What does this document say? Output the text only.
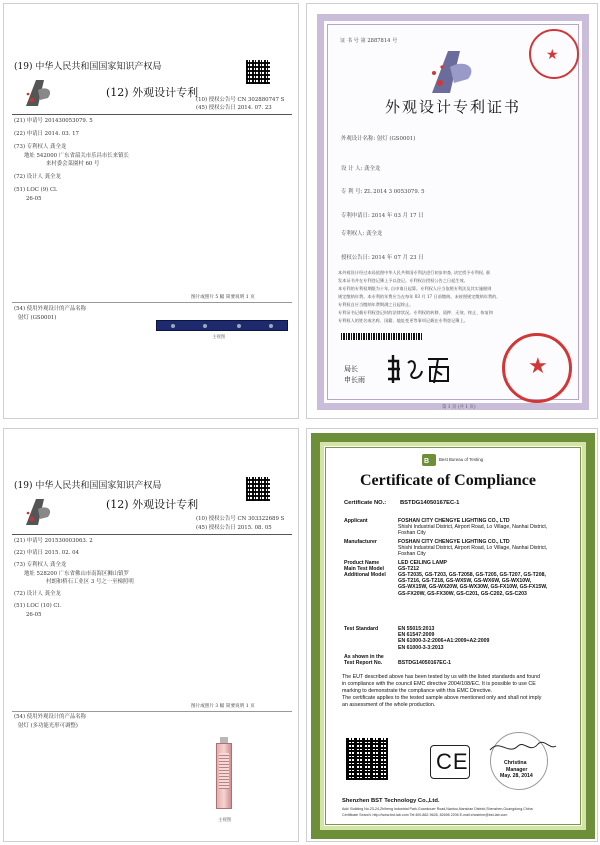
(19) 中华人民共和国国家知识产权局
(12) 外观设计专利
(10) 授权公告号 CN 302880747 S
(45) 授权公告日 2014. 07. 23
(21) 申请号 201430053079. 5
(22) 申请日 2014. 03. 17
(73) 专利权人 龚全龙
地址 542000 广东省韶关市乐昌市长来镇长
来村委会菜園村 60 号
(72) 设计人 龚全龙
(51) LOC (9) Cl.
26-05
图片或照片 5 幅 简要说明 1 页
(54) 使用外观设计的产品名称
射灯 (GS0001)
主视图
证 书 号 第 2887814 号
★
外观设计专利证书
外观设计名称: 射灯 (GS0001)
设 计 人: 龚全龙
专 利 号: ZL 2014 3 0053079. 5
专利申请日: 2014 年 03 月 17 日
专利权人: 龚全龙
授权公告日: 2014 年 07 月 23 日
本外观设计经过本局依照中华人民共和国专利法进行初步审查, 决定授予专利权, 颁
发本证书并在专利登记簿上予以登记。专利权自授权公告之日起生效。
本专利的专利权期限为十年, 自申请日起算。专利权人应当依照专利法及其实施细则
规定缴纳年费。本专利的年费应当在每年 03 月 17 日前缴纳。未按照规定缴纳年费的,
专利权自应当缴纳年费期满之日起终止。
专利证书记载专利权登记时的法律状况。专利权的转移、质押、无效、终止、恢复和
专利权人的姓名或名称、国籍、地址变更等事项记载在专利登记簿上。
局长
申长雨
★
第 1 页 (共 1 页)
(19) 中华人民共和国国家知识产权局
(12) 外观设计专利
(10) 授权公告号 CN 303322689 S
(45) 授权公告日 2015. 08. 05
(21) 申请号 201530003063. 2
(22) 申请日 2015. 02. 04
(73) 专利权人 龚全龙
地址 528200 广东省佛山市南海区狮山镇罗
村朗和桥石工业区 3 号之一至梯照明
(72) 设计人 龚全龙
(51) LOC (10) Cl.
26-05
图片或照片 3 幅 简要说明 1 页
(54) 使用外观设计的产品名称
射灯 (多功能光形可调整)
主视图
B Best Bureau of Testing
Certificate of Compliance
Certificate NO.: BSTDG14050167EC-1
Applicant	FOSHAN CITY CHENGYE LIGHTING CO., LTD
Shishi Industrial District, Airport Road, Lo Village, Nanhai District,
Foshan City
Manufacturer	FOSHAN CITY CHENGYE LIGHTING CO., LTD
Shishi Industrial District, Airport Road, Lo Village, Nanhai District,
Foshan City
Product Name	LED CEILING LAMP
Main Test Model	GS-T212
Additional Model GS-T2035, GS-T203, GS-T2058, GS-T205, GS-T207, GS-T208,
GS-T216, GS-T218, GS-WX5W, GS-WX6W, GS-WX10W,
GS-WX15W, GS-WX20W, GS-WX30W, GS-FX10W, GS-FX15W,
GS-FX20W, GS-FX30W, GS-C201, GS-C202, GS-C203
Test Standard	EN 55015:2013
EN 61547:2009
EN 61000-3-2:2006+A1:2009+A2:2009
EN 61000-3-3:2013
As shown in the
Test Report No.	BSTDG14050167EC-1
The EUT described above has been tested by us with the listed standards and found
in compliance with the council EMC directive 2004/108/EC. It is possible to use CE
marking to demonstrate the compliance with this EMC Directive.
The certificate applies to the tested sample above mentioned only and shall not imply
an assessment of the whole production.
CE	Christina
Manager
May. 28, 2014
Shenzhen BST Technology Co.,Ltd.
Add: Building No.23-24,Zhiheng Industrial Park,Guankouer Road,Nantou,Nanshan District,Shenzhen,Guangdong,China
Certificate Search: http://www.bst-lab.com Tel:400-882-9628, 82698 2206 E-mail:chcstrine@bst-lab.com
